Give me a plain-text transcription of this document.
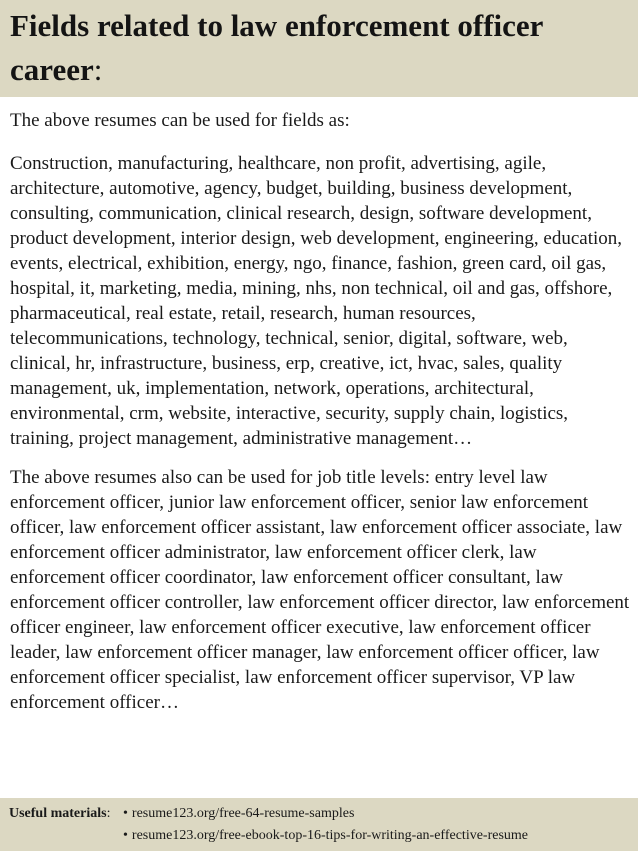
Fields related to law enforcement officer career:

The above resumes can be used for fields as:

Construction, manufacturing, healthcare, non profit, advertising, agile, architecture, automotive, agency, budget, building, business development, consulting, communication, clinical research, design, software development, product development, interior design, web development, engineering, education, events, electrical, exhibition, energy, ngo, finance, fashion, green card, oil gas, hospital, it, marketing, media, mining, nhs, non technical, oil and gas, offshore, pharmaceutical, real estate, retail, research, human resources, telecommunications, technology, technical, senior, digital, software, web, clinical, hr, infrastructure, business, erp, creative, ict, hvac, sales, quality management, uk, implementation, network, operations, architectural, environmental, crm, website, interactive, security, supply chain, logistics, training, project management, administrative management…

The above resumes also can be used for job title levels: entry level law enforcement officer, junior law enforcement officer, senior law enforcement officer, law enforcement officer assistant, law enforcement officer associate, law enforcement officer administrator, law enforcement officer clerk, law enforcement officer coordinator, law enforcement officer consultant, law enforcement officer controller, law enforcement officer director, law enforcement officer engineer, law enforcement officer executive, law enforcement officer leader, law enforcement officer manager, law enforcement officer officer, law enforcement officer specialist, law enforcement officer supervisor, VP law enforcement officer…

Useful materials: • resume123.org/free-64-resume-samples
• resume123.org/free-ebook-top-16-tips-for-writing-an-effective-resume
